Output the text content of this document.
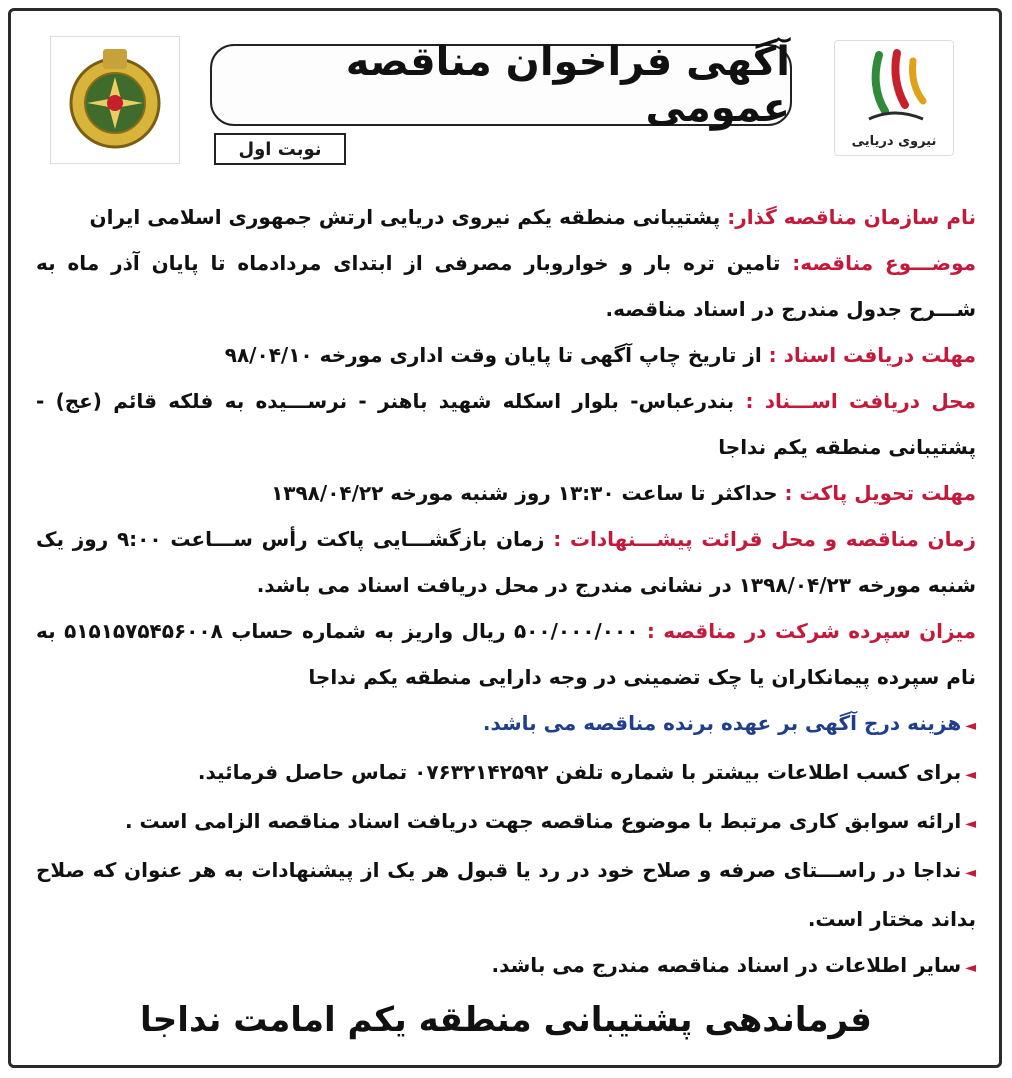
نیروی دریایی
آگهی فراخوان مناقصه عمومی
نوبت اول

نام سازمان مناقصه گذار: پشتیبانی منطقه یکم نیروی دریایی ارتش جمهوری اسلامی ایران

موضـــوع مناقصه: تامین تره بار و خواروبار مصرفی از ابتدای مردادماه تا پایان آذر ماه به شـــرح جدول مندرج در اسناد مناقصه.

مهلت دریافت اسناد : از تاریخ چاپ آگهی تا پایان وقت اداری مورخه ۹۸/۰۴/۱۰

محل دریافت اســـناد : بندرعباس- بلوار اسکله شهید باهنر - نرســـیده به فلکه قائم (عج) - پشتیبانی منطقه یکم نداجا

مهلت تحویل پاکت : حداکثر تا ساعت ۱۳:۳۰ روز شنبه مورخه ۱۳۹۸/۰۴/۲۲

زمان مناقصه و محل قرائت پیشـــنهادات : زمان بازگشـــایی پاکت رأس ســـاعت ۹:۰۰ روز یک شنبه مورخه ۱۳۹۸/۰۴/۲۳ در نشانی مندرج در محل دریافت اسناد می باشد.

میزان سپرده شرکت در مناقصه : ۵۰۰/۰۰۰/۰۰۰ ریال واریز به شماره حساب ۵۱۵۱۵۷۵۴۵۶۰۰۸ به نام سپرده پیمانکاران یا چک تضمینی در وجه دارایی منطقه یکم نداجا

◄هزینه درج آگهی بر عهده برنده مناقصه می باشد.

◄برای کسب اطلاعات بیشتر با شماره تلفن ۰۷۶۳۲۱۴۲۵۹۲ تماس حاصل فرمائید.

◄ارائه سوابق کاری مرتبط با موضوع مناقصه جهت دریافت اسناد مناقصه الزامی است .

◄نداجا در راســـتای صرفه و صلاح خود در رد یا قبول هر یک از پیشنهادات به هر عنوان که صلاح بداند مختار است.

◄سایر اطلاعات در اسناد مناقصه مندرج می باشد.

فرماندهی پشتیبانی منطقه یکم امامت نداجا
